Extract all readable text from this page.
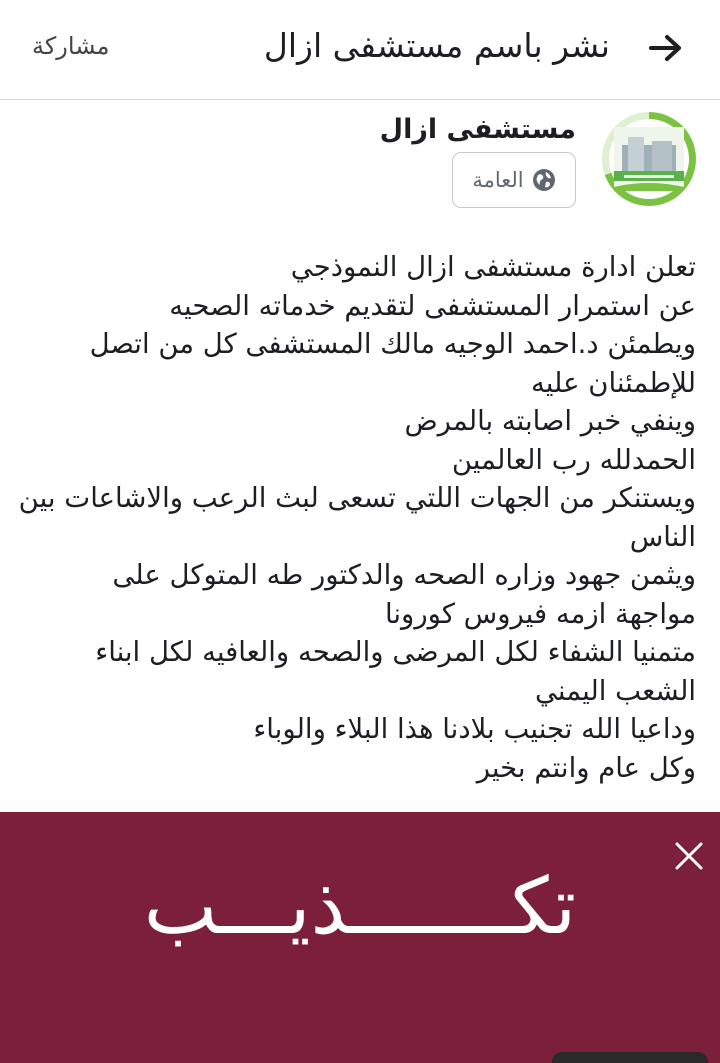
نشر باسم مستشفى ازال
مشاركة
مستشفى ازال
العامة
تعلن ادارة مستشفى ازال النموذجي
عن استمرار المستشفى لتقديم خدماته الصحيه
ويطمئن د.احمد الوجيه مالك المستشفى كل من اتصل
للإطمئنان عليه
وينفي خبر اصابته بالمرض
الحمدلله رب العالمين
ويستنكر من الجهات اللتي تسعى لبث الرعب والاشاعات بين
الناس
ويثمن جهود وزاره الصحه والدكتور طه المتوكل على
مواجهة ازمه فيروس كورونا
متمنيا الشفاء لكل المرضى والصحه والعافيه لكل ابناء
الشعب اليمني
وداعيا الله تجنيب بلادنا هذا البلاء والوباء
وكل عام وانتم بخير
تكـــــــذيـــب
